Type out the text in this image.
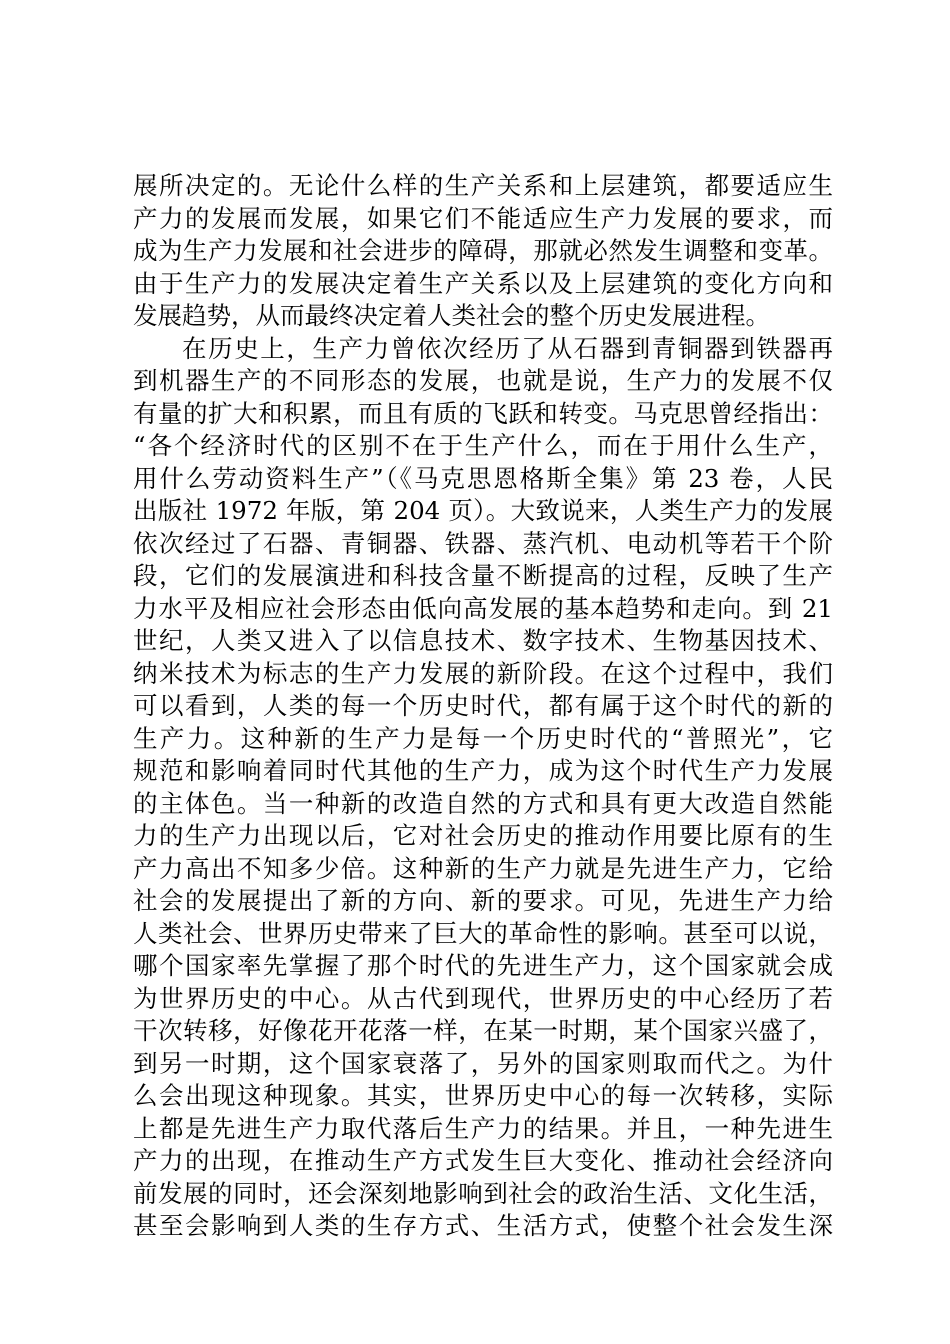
展所决定的。无论什么样的生产关系和上层建筑，都要适应生
产力的发展而发展，如果它们不能适应生产力发展的要求，而
成为生产力发展和社会进步的障碍，那就必然发生调整和变革。
由于生产力的发展决定着生产关系以及上层建筑的变化方向和
发展趋势，从而最终决定着人类社会的整个历史发展进程。
在历史上，生产力曾依次经历了从石器到青铜器到铁器再
到机器生产的不同形态的发展，也就是说，生产力的发展不仅
有量的扩大和积累，而且有质的飞跃和转变。马克思曾经指出：
“各个经济时代的区别不在于生产什么，而在于用什么生产，
用什么劳动资料生产”（《马克思恩格斯全集》第 23 卷，人民
出版社 1972 年版，第 204 页）。大致说来，人类生产力的发展
依次经过了石器、青铜器、铁器、蒸汽机、电动机等若干个阶
段，它们的发展演进和科技含量不断提高的过程，反映了生产
力水平及相应社会形态由低向高发展的基本趋势和走向。到 21
世纪，人类又进入了以信息技术、数字技术、生物基因技术、
纳米技术为标志的生产力发展的新阶段。在这个过程中，我们
可以看到，人类的每一个历史时代，都有属于这个时代的新的
生产力。这种新的生产力是每一个历史时代的“普照光”，它
规范和影响着同时代其他的生产力，成为这个时代生产力发展
的主体色。当一种新的改造自然的方式和具有更大改造自然能
力的生产力出现以后，它对社会历史的推动作用要比原有的生
产力高出不知多少倍。这种新的生产力就是先进生产力，它给
社会的发展提出了新的方向、新的要求。可见，先进生产力给
人类社会、世界历史带来了巨大的革命性的影响。甚至可以说，
哪个国家率先掌握了那个时代的先进生产力，这个国家就会成
为世界历史的中心。从古代到现代，世界历史的中心经历了若
干次转移，好像花开花落一样，在某一时期，某个国家兴盛了，
到另一时期，这个国家衰落了，另外的国家则取而代之。为什
么会出现这种现象。其实，世界历史中心的每一次转移，实际
上都是先进生产力取代落后生产力的结果。并且，一种先进生
产力的出现，在推动生产方式发生巨大变化、推动社会经济向
前发展的同时，还会深刻地影响到社会的政治生活、文化生活，
甚至会影响到人类的生存方式、生活方式，使整个社会发生深
